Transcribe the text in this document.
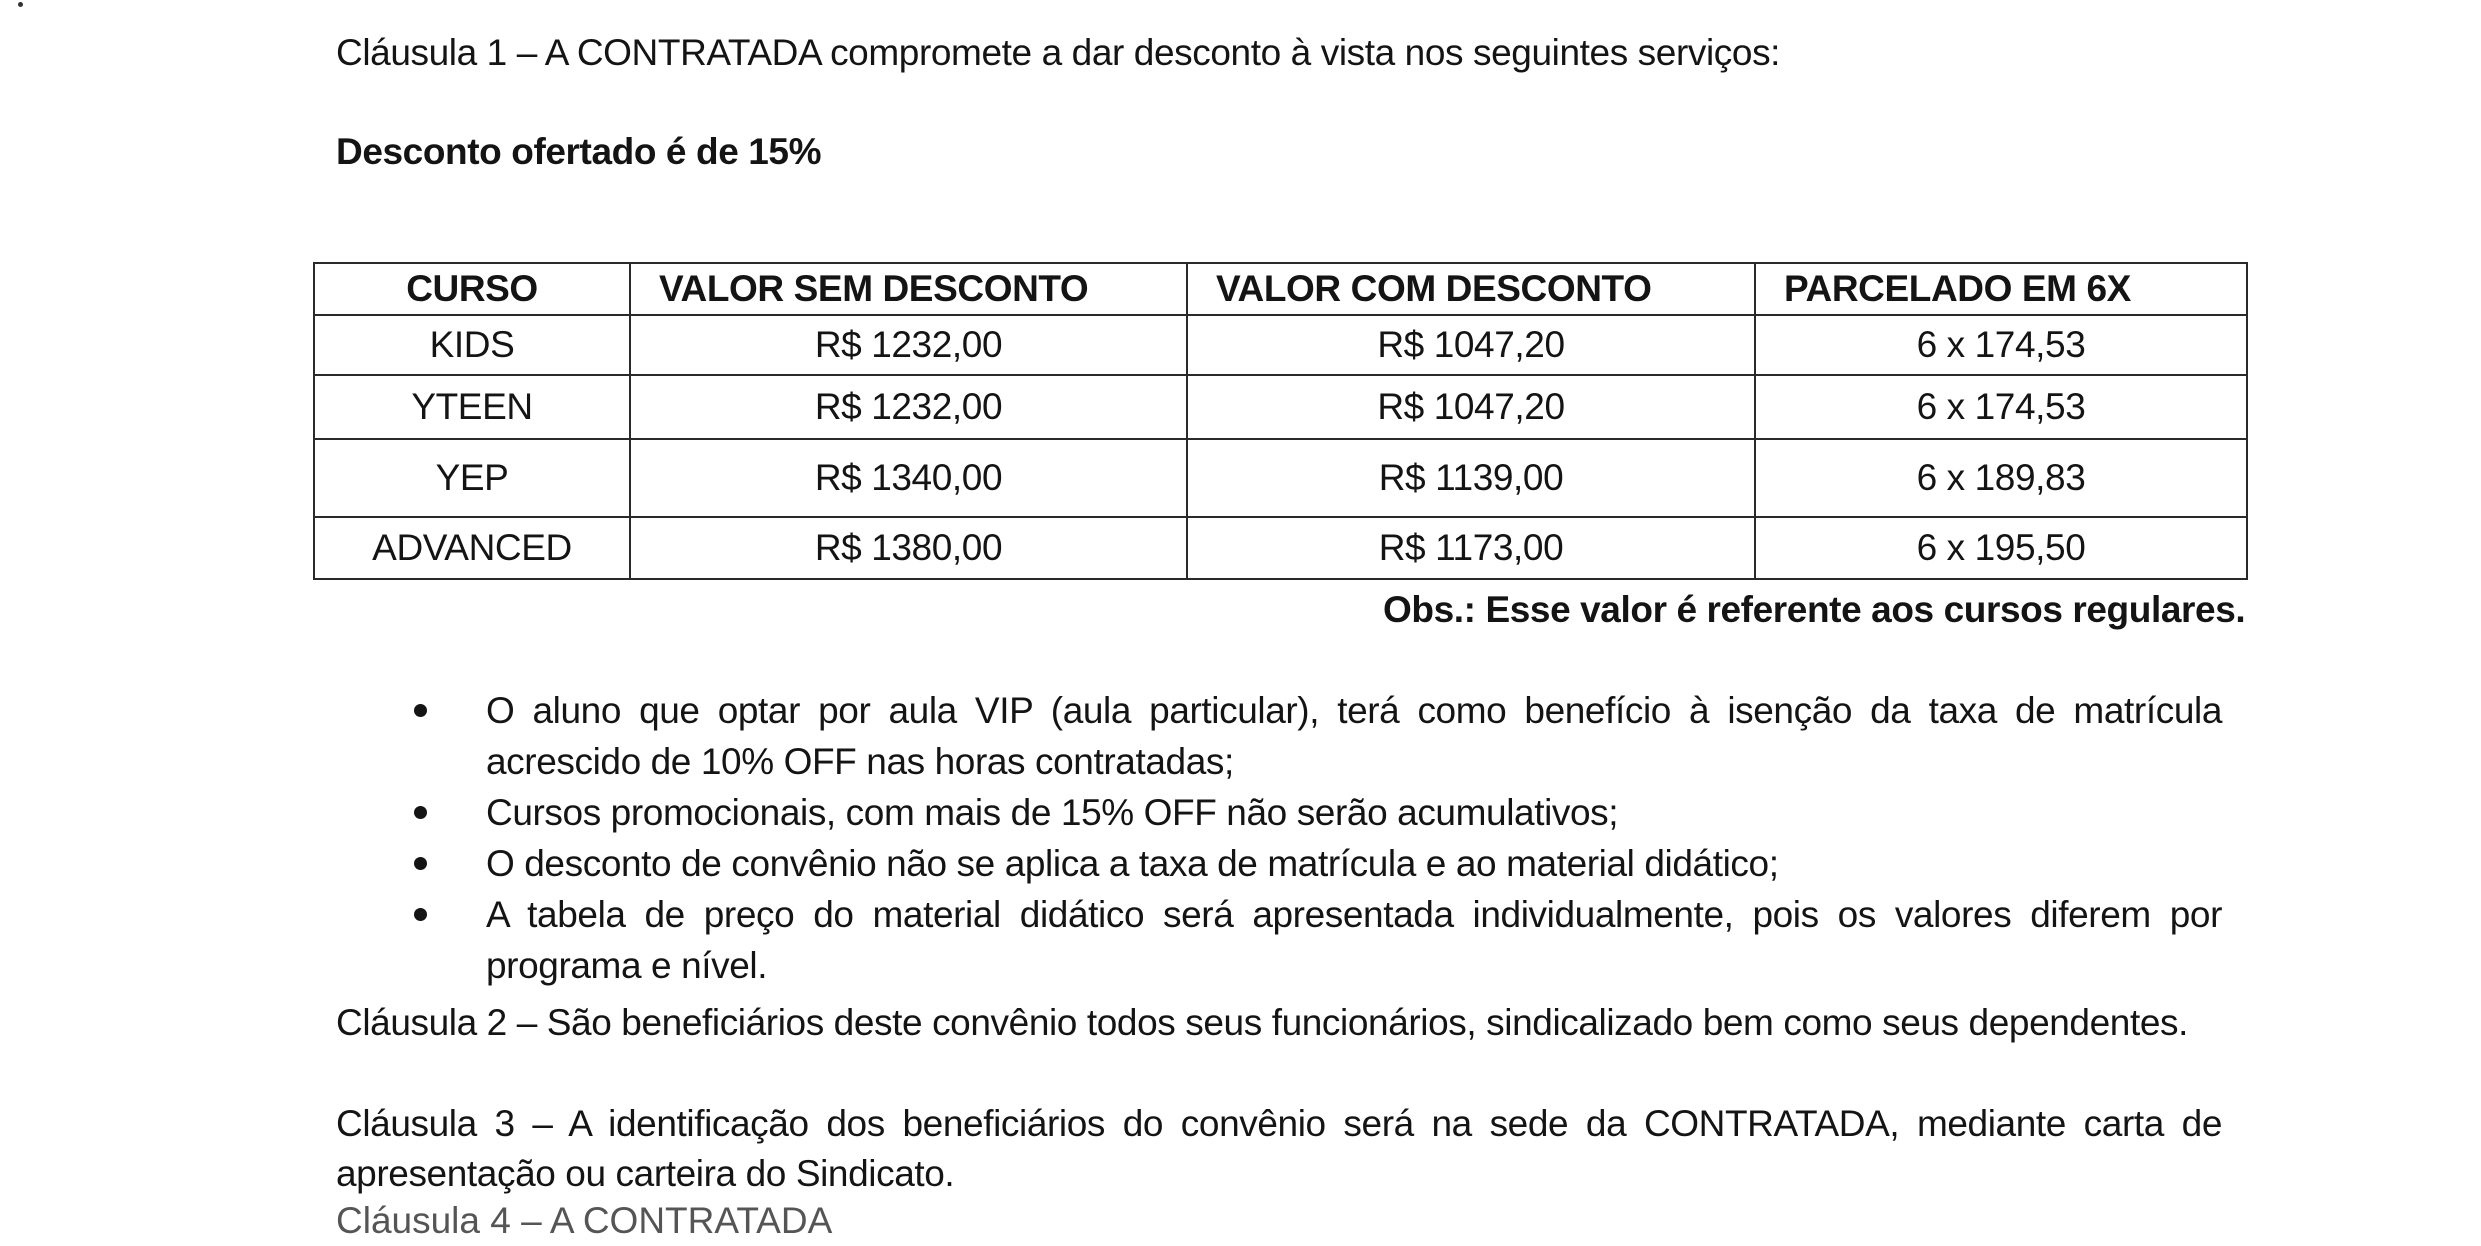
Cláusula 1 – A CONTRATADA compromete a dar desconto à vista nos seguintes serviços:
Desconto ofertado é de 15%
CURSO	VALOR SEM DESCONTO	VALOR COM DESCONTO	PARCELADO EM 6X
KIDS	R$ 1232,00	R$ 1047,20	6 x 174,53
YTEEN	R$ 1232,00	R$ 1047,20	6 x 174,53
YEP	R$ 1340,00	R$ 1139,00	6 x 189,83
ADVANCED	R$ 1380,00	R$ 1173,00	6 x 195,50
Obs.: Esse valor é referente aos cursos regulares.
O aluno que optar por aula VIP (aula particular), terá como benefício à isenção da taxa de matrícula acrescido de 10% OFF nas horas contratadas;
Cursos promocionais, com mais de 15% OFF não serão acumulativos;
O desconto de convênio não se aplica a taxa de matrícula e ao material didático;
A tabela de preço do material didático será apresentada individualmente, pois os valores diferem por programa e nível.
Cláusula 2 – São beneficiários deste convênio todos seus funcionários, sindicalizado bem como seus dependentes.
Cláusula 3 – A identificação dos beneficiários do convênio será na sede da CONTRATADA, mediante carta de apresentação ou carteira do Sindicato.
Cláusula 4 – A CONTRATADA
